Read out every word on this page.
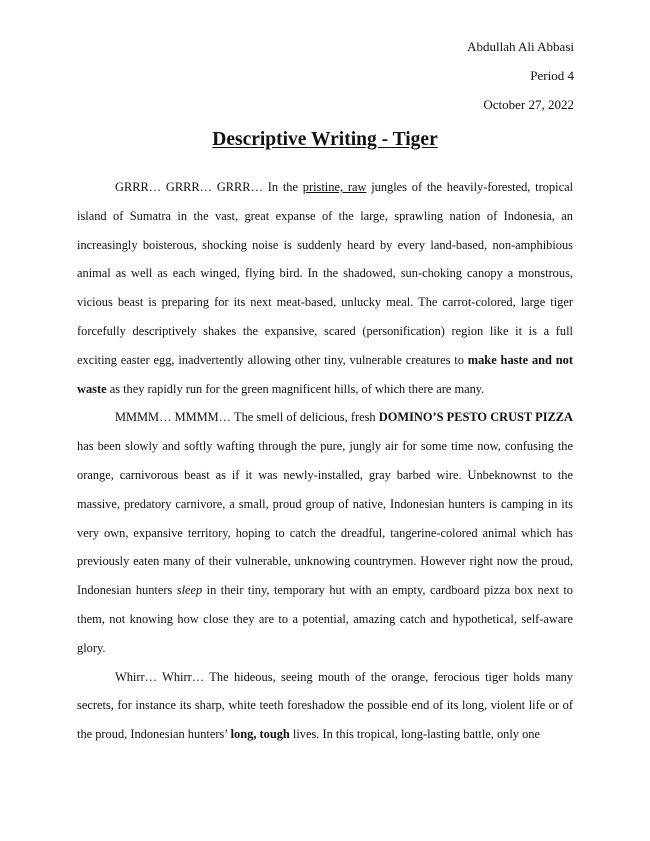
Abdullah Ali Abbasi
Period 4
October 27, 2022
Descriptive Writing - Tiger

GRRR… GRRR… GRRR… In the pristine, raw jungles of the heavily-forested, tropical island of Sumatra in the vast, great expanse of the large, sprawling nation of Indonesia, an increasingly boisterous, shocking noise is suddenly heard by every land-based, non-amphibious animal as well as each winged, flying bird. In the shadowed, sun-choking canopy a monstrous, vicious beast is preparing for its next meat-based, unlucky meal. The carrot-colored, large tiger forcefully descriptively shakes the expansive, scared (personification) region like it is a full exciting easter egg, inadvertently allowing other tiny, vulnerable creatures to make haste and not waste as they rapidly run for the green magnificent hills, of which there are many.

MMMM… MMMM… The smell of delicious, fresh DOMINO’S PESTO CRUST PIZZA has been slowly and softly wafting through the pure, jungly air for some time now, confusing the orange, carnivorous beast as if it was newly-installed, gray barbed wire. Unbeknownst to the massive, predatory carnivore, a small, proud group of native, Indonesian hunters is camping in its very own, expansive territory, hoping to catch the dreadful, tangerine-colored animal which has previously eaten many of their vulnerable, unknowing countrymen. However right now the proud, Indonesian hunters sleep in their tiny, temporary hut with an empty, cardboard pizza box next to them, not knowing how close they are to a potential, amazing catch and hypothetical, self-aware glory.

Whirr… Whirr… The hideous, seeing mouth of the orange, ferocious tiger holds many secrets, for instance its sharp, white teeth foreshadow the possible end of its long, violent life or of the proud, Indonesian hunters’ long, tough lives. In this tropical, long-lasting battle, only one
